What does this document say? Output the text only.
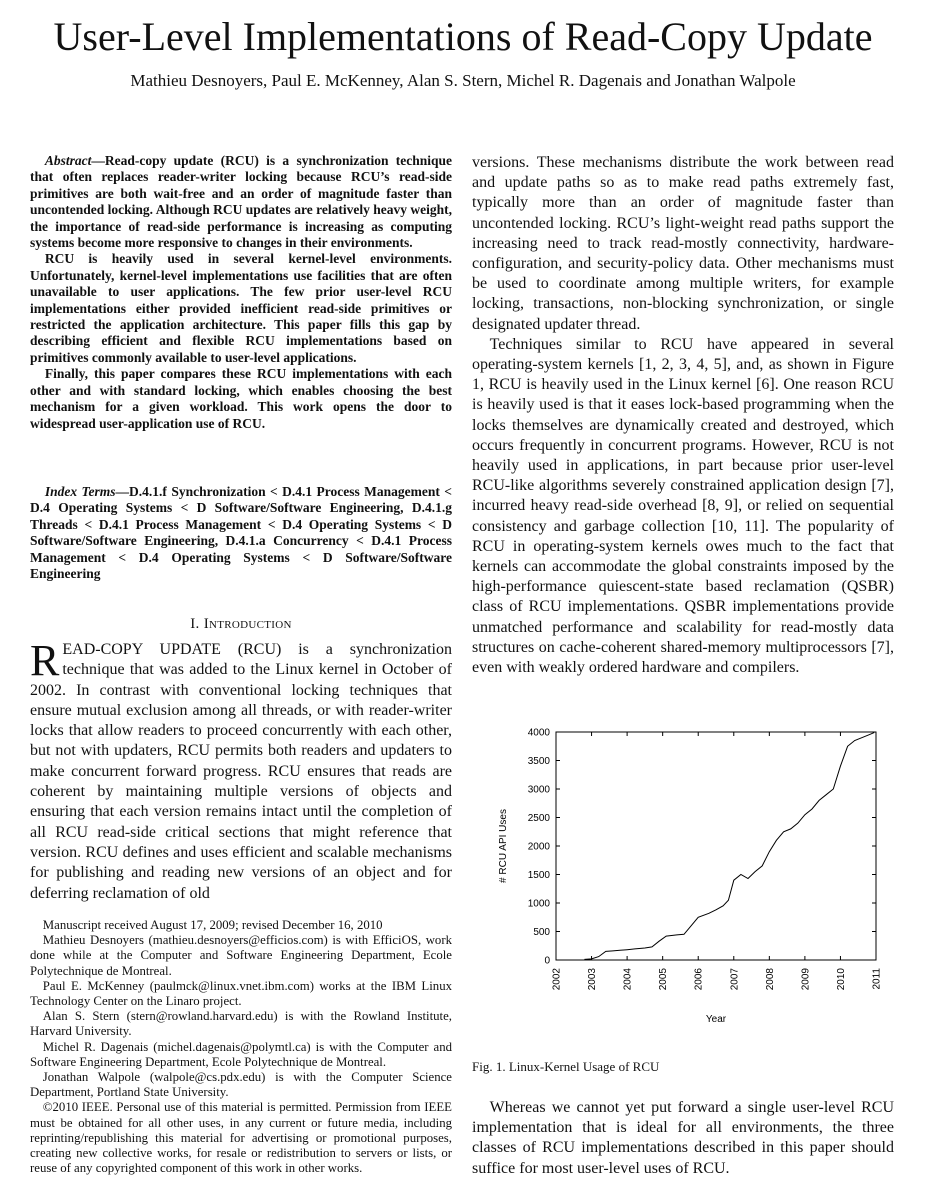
User-Level Implementations of Read-Copy Update
Mathieu Desnoyers, Paul E. McKenney, Alan S. Stern, Michel R. Dagenais and Jonathan Walpole

Abstract—Read-copy update (RCU) is a synchronization technique that often replaces reader-writer locking because RCU’s read-side primitives are both wait-free and an order of magnitude faster than uncontended locking. Although RCU updates are relatively heavy weight, the importance of read-side performance is increasing as computing systems become more responsive to changes in their environments.

RCU is heavily used in several kernel-level environments. Unfortunately, kernel-level implementations use facilities that are often unavailable to user applications. The few prior user-level RCU implementations either provided inefficient read-side primitives or restricted the application architecture. This paper fills this gap by describing efficient and flexible RCU implementations based on primitives commonly available to user-level applications.

Finally, this paper compares these RCU implementations with each other and with standard locking, which enables choosing the best mechanism for a given workload. This work opens the door to widespread user-application use of RCU.

Index Terms—D.4.1.f Synchronization < D.4.1 Process Management < D.4 Operating Systems < D Software/Software Engineering, D.4.1.g Threads < D.4.1 Process Management < D.4 Operating Systems < D Software/Software Engineering, D.4.1.a Concurrency < D.4.1 Process Management < D.4 Operating Systems < D Software/Software Engineering

I. Introduction

READ-COPY UPDATE (RCU) is a synchronization technique that was added to the Linux kernel in October of 2002. In contrast with conventional locking techniques that ensure mutual exclusion among all threads, or with reader-writer locks that allow readers to proceed concurrently with each other, but not with updaters, RCU permits both readers and updaters to make concurrent forward progress. RCU ensures that reads are coherent by maintaining multiple versions of objects and ensuring that each version remains intact until the completion of all RCU read-side critical sections that might reference that version. RCU defines and uses efficient and scalable mechanisms for publishing and reading new versions of an object and for deferring reclamation of old

Manuscript received August 17, 2009; revised December 16, 2010

Mathieu Desnoyers (mathieu.desnoyers@efficios.com) is with EfficiOS, work done while at the Computer and Software Engineering Department, Ecole Polytechnique de Montreal.

Paul E. McKenney (paulmck@linux.vnet.ibm.com) works at the IBM Linux Technology Center on the Linaro project.

Alan S. Stern (stern@rowland.harvard.edu) is with the Rowland Institute, Harvard University.

Michel R. Dagenais (michel.dagenais@polymtl.ca) is with the Computer and Software Engineering Department, Ecole Polytechnique de Montreal.

Jonathan Walpole (walpole@cs.pdx.edu) is with the Computer Science Department, Portland State University.

©2010 IEEE. Personal use of this material is permitted. Permission from IEEE must be obtained for all other uses, in any current or future media, including reprinting/republishing this material for advertising or promotional purposes, creating new collective works, for resale or redistribution to servers or lists, or reuse of any copyrighted component of this work in other works.

versions. These mechanisms distribute the work between read and update paths so as to make read paths extremely fast, typically more than an order of magnitude faster than uncontended locking. RCU’s light-weight read paths support the increasing need to track read-mostly connectivity, hardware-configuration, and security-policy data. Other mechanisms must be used to coordinate among multiple writers, for example locking, transactions, non-blocking synchronization, or single designated updater thread.

Techniques similar to RCU have appeared in several operating-system kernels [1, 2, 3, 4, 5], and, as shown in Figure 1, RCU is heavily used in the Linux kernel [6]. One reason RCU is heavily used is that it eases lock-based programming when the locks themselves are dynamically created and destroyed, which occurs frequently in concurrent programs. However, RCU is not heavily used in applications, in part because prior user-level RCU-like algorithms severely constrained application design [7], incurred heavy read-side overhead [8, 9], or relied on sequential consistency and garbage collection [10, 11]. The popularity of RCU in operating-system kernels owes much to the fact that kernels can accommodate the global constraints imposed by the high-performance quiescent-state based reclamation (QSBR) class of RCU implementations. QSBR implementations provide unmatched performance and scalability for read-mostly data structures on cache-coherent shared-memory multiprocessors [7], even with weakly ordered hardware and compilers.

0
500
1000
1500
2000
2500
3000
3500
4000
2002 2003 2004 2005 2006 2007 2008 2009 2010 2011
# RCU API Uses
Year
Fig. 1. Linux-Kernel Usage of RCU

Whereas we cannot yet put forward a single user-level RCU implementation that is ideal for all environments, the three classes of RCU implementations described in this paper should suffice for most user-level uses of RCU.
